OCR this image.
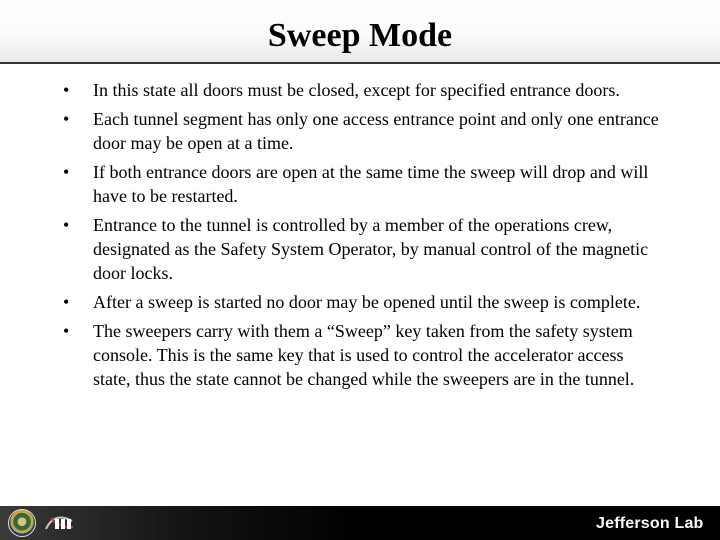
Sweep Mode
•	In this state all doors must be closed, except for specified entrance doors.
•	Each tunnel segment has only one access entrance point and only one entrance door may be open at a time.
•	If both entrance doors are open at the same time the sweep will drop and will have to be restarted.
•	Entrance to the tunnel is controlled by a member of the operations crew, designated as the Safety System Operator, by manual control of the magnetic door locks.
•	After a sweep is started no door may be opened until the sweep is complete.
•	The sweepers carry with them a “Sweep” key taken from the safety system console. This is the same key that is used to control the accelerator access state, thus the state cannot be changed while the sweepers are in the tunnel.
Jefferson Lab
